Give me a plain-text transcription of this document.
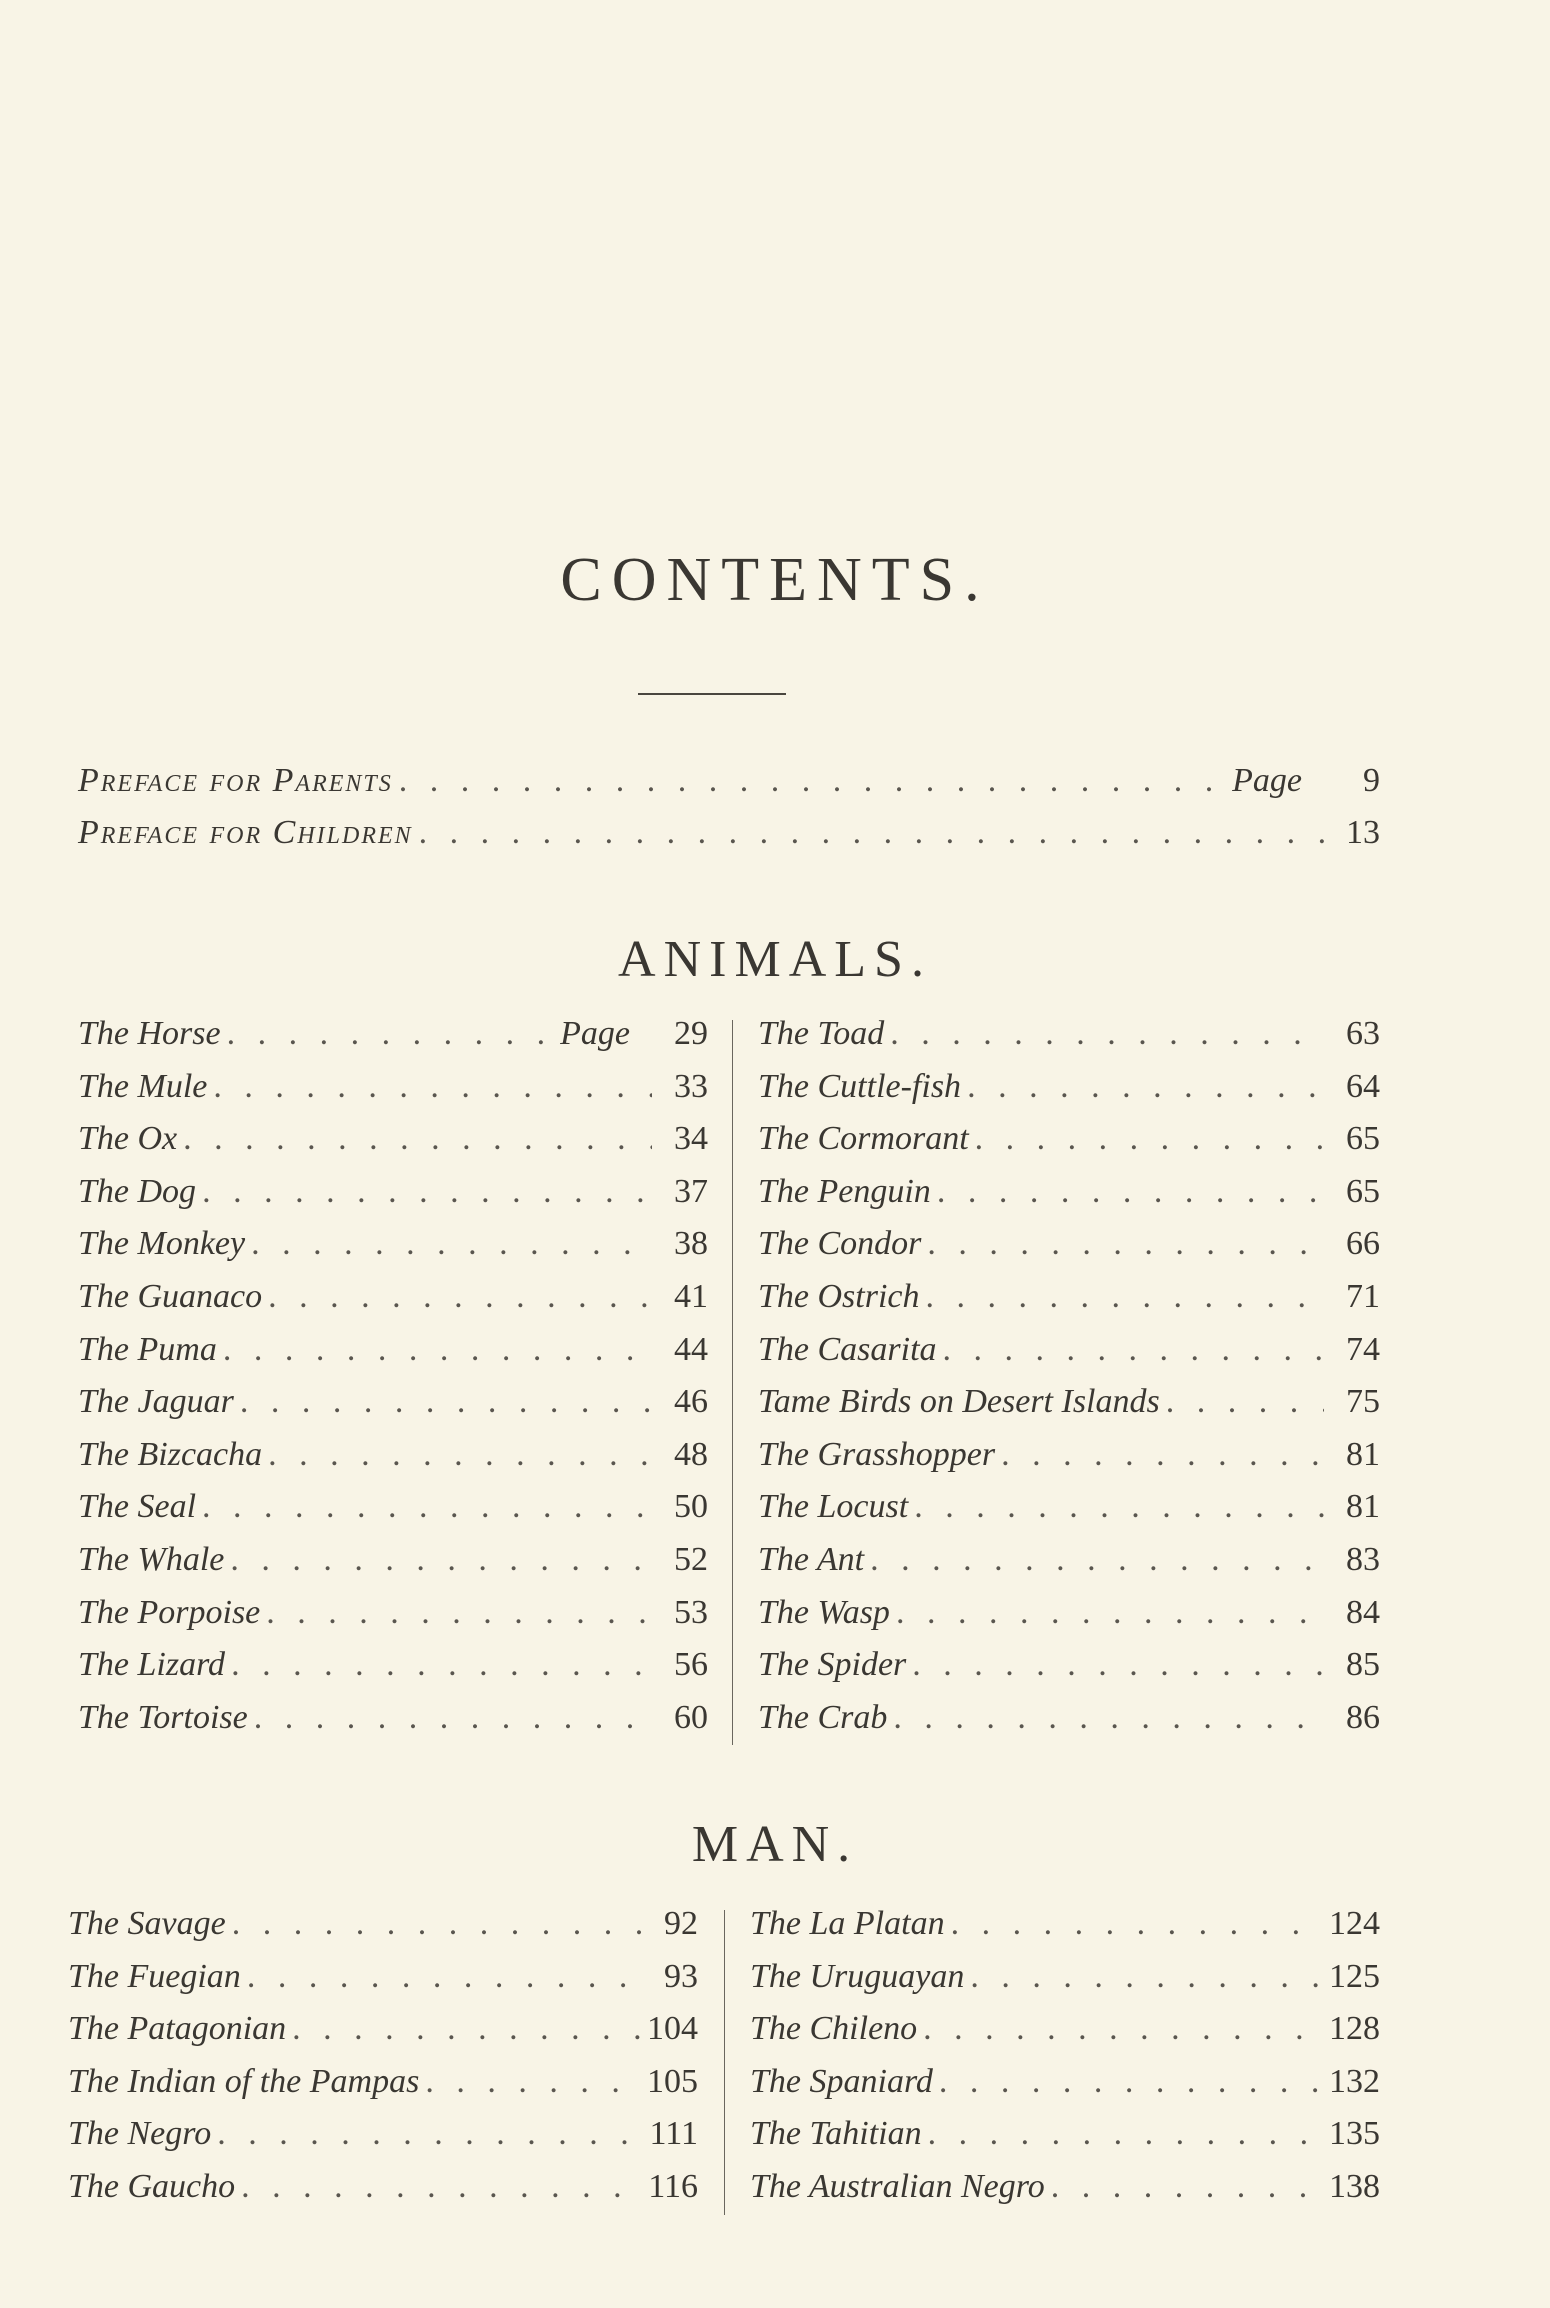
CONTENTS.
Preface for Parents . . .	Page	9
Preface for Children . . .	13
ANIMALS.
The Horse . . .	Page	29
The Mule . . .	33
The Ox . . .	34
The Dog . . .	37
The Monkey . . .	38
The Guanaco . . .	41
The Puma . . .	44
The Jaguar . . .	46
The Bizcacha . . .	48
The Seal . . .	50
The Whale . . .	52
The Porpoise . . .	53
The Lizard . . .	56
The Tortoise . . .	60
The Toad . . .	63
The Cuttle-fish . . .	64
The Cormorant . . .	65
The Penguin . . .	65
The Condor . . .	66
The Ostrich . . .	71
The Casarita . . .	74
Tame Birds on Desert Islands . . .	75
The Grasshopper . . .	81
The Locust . . .	81
The Ant . . .	83
The Wasp . . .	84
The Spider . . .	85
The Crab . . .	86
MAN.
The Savage . . .	92
The Fuegian . . .	93
The Patagonian . . .	104
The Indian of the Pampas . . .	105
The Negro . . .	111
The Gaucho . . .	116
The La Platan . . .	124
The Uruguayan . . .	125
The Chileno . . .	128
The Spaniard . . .	132
The Tahitian . . .	135
The Australian Negro . . .	138
